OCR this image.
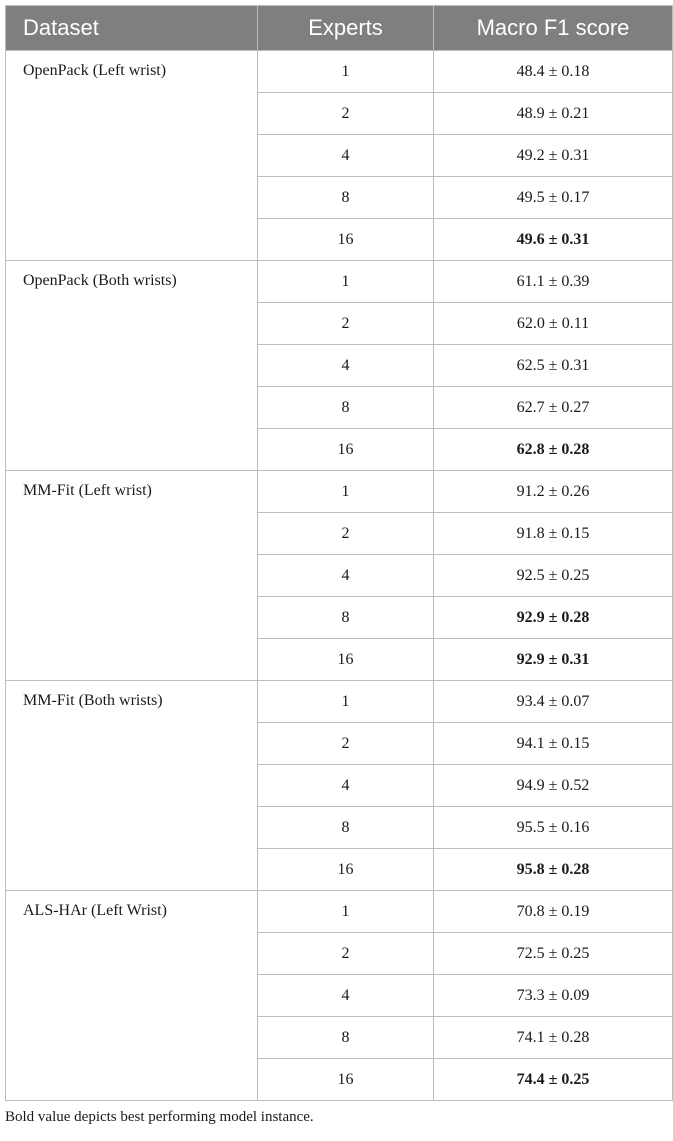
Dataset	Experts	Macro F1 score
OpenPack (Left wrist)	1	48.4 ± 0.18
	2	48.9 ± 0.21
	4	49.2 ± 0.31
	8	49.5 ± 0.17
	16	49.6 ± 0.31
OpenPack (Both wrists)	1	61.1 ± 0.39
	2	62.0 ± 0.11
	4	62.5 ± 0.31
	8	62.7 ± 0.27
	16	62.8 ± 0.28
MM-Fit (Left wrist)	1	91.2 ± 0.26
	2	91.8 ± 0.15
	4	92.5 ± 0.25
	8	92.9 ± 0.28
	16	92.9 ± 0.31
MM-Fit (Both wrists)	1	93.4 ± 0.07
	2	94.1 ± 0.15
	4	94.9 ± 0.52
	8	95.5 ± 0.16
	16	95.8 ± 0.28
ALS-HAr (Left Wrist)	1	70.8 ± 0.19
	2	72.5 ± 0.25
	4	73.3 ± 0.09
	8	74.1 ± 0.28
	16	74.4 ± 0.25
Bold value depicts best performing model instance.
